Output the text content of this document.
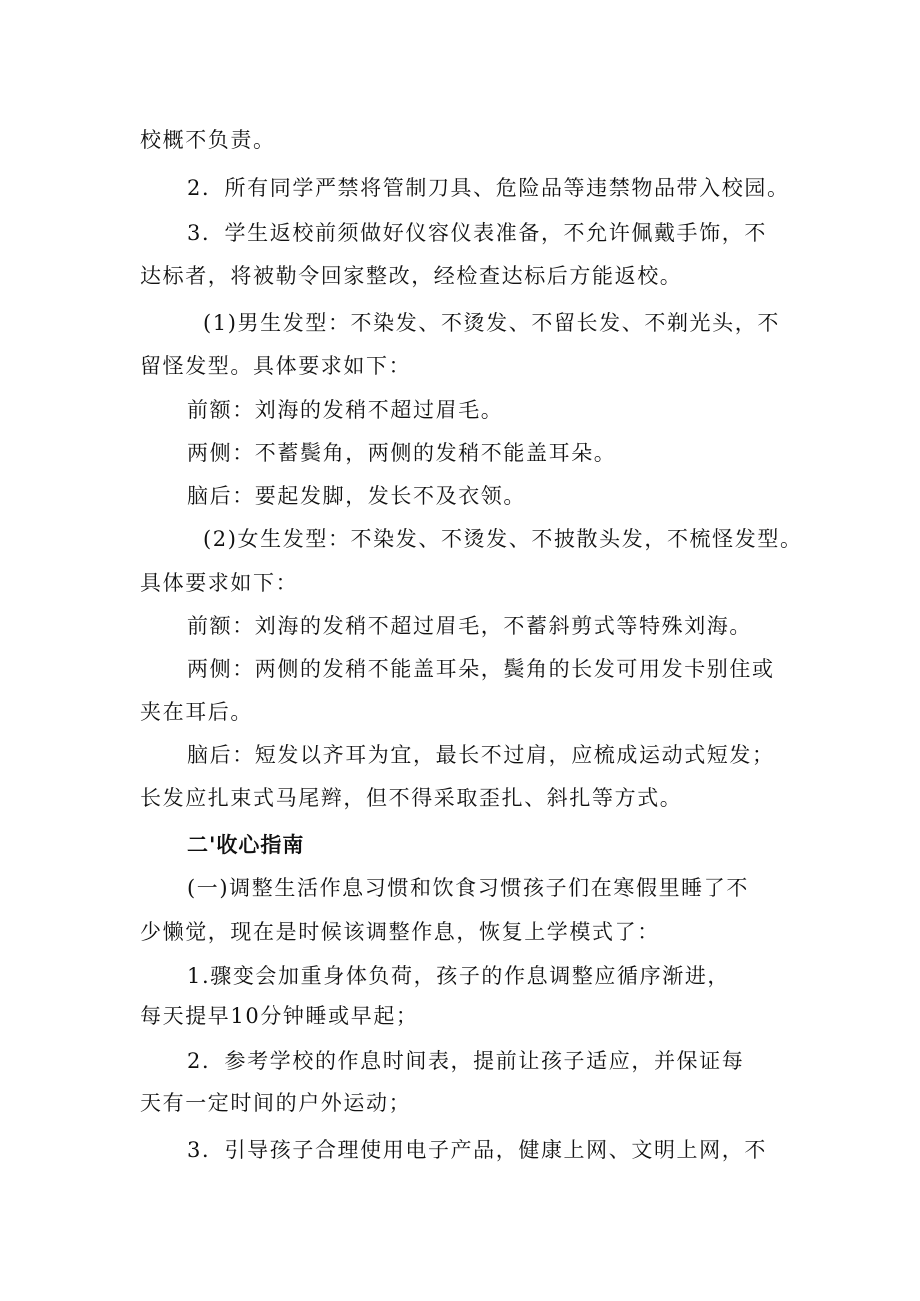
校概不负责。
2．所有同学严禁将管制刀具、危险品等违禁物品带入校园。
3．学生返校前须做好仪容仪表准备，不允许佩戴手饰，不
达标者，将被勒令回家整改，经检查达标后方能返校。
(1)男生发型：不染发、不烫发、不留长发、不剃光头，不
留怪发型。具体要求如下：
前额：刘海的发稍不超过眉毛。
两侧：不蓄鬓角，两侧的发稍不能盖耳朵。
脑后：要起发脚，发长不及衣领。
(2)女生发型：不染发、不烫发、不披散头发，不梳怪发型。
具体要求如下：
前额：刘海的发稍不超过眉毛，不蓄斜剪式等特殊刘海。
两侧：两侧的发稍不能盖耳朵，鬓角的长发可用发卡别住或
夹在耳后。
脑后：短发以齐耳为宜，最长不过肩，应梳成运动式短发；
长发应扎束式马尾辫，但不得采取歪扎、斜扎等方式。
二'收心指南
(一)调整生活作息习惯和饮食习惯孩子们在寒假里睡了不
少懒觉，现在是时候该调整作息，恢复上学模式了：
1.骤变会加重身体负荷，孩子的作息调整应循序渐进，
每天提早10分钟睡或早起；
2．参考学校的作息时间表，提前让孩子适应，并保证每
天有一定时间的户外运动；
3．引导孩子合理使用电子产品，健康上网、文明上网，不
